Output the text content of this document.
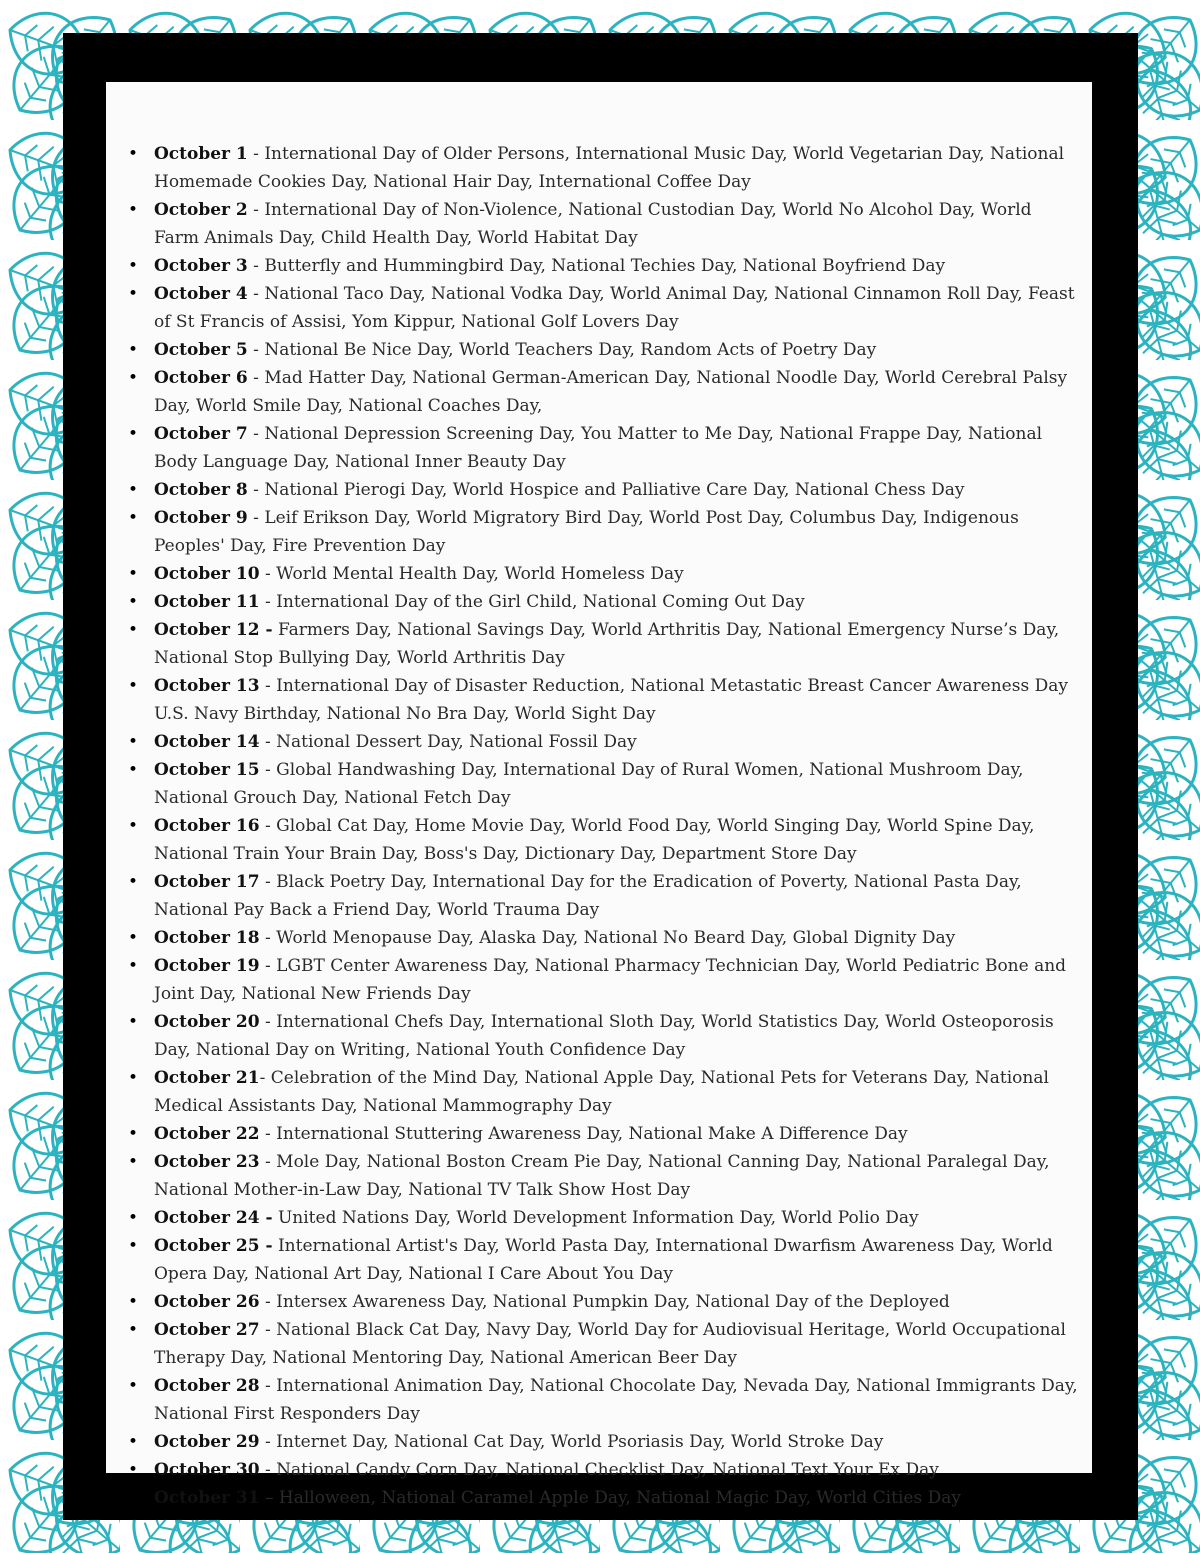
• October 1 - International Day of Older Persons, International Music Day, World Vegetarian Day, National Homemade Cookies Day, National Hair Day, International Coffee Day
• October 2 - International Day of Non-Violence, National Custodian Day, World No Alcohol Day, World Farm Animals Day, Child Health Day, World Habitat Day
• October 3 - Butterfly and Hummingbird Day, National Techies Day, National Boyfriend Day
• October 4 - National Taco Day, National Vodka Day, World Animal Day, National Cinnamon Roll Day, Feast of St Francis of Assisi, Yom Kippur, National Golf Lovers Day
• October 5 - National Be Nice Day, World Teachers Day, Random Acts of Poetry Day
• October 6 - Mad Hatter Day, National German-American Day, National Noodle Day, World Cerebral Palsy Day, World Smile Day, National Coaches Day,
• October 7 - National Depression Screening Day, You Matter to Me Day, National Frappe Day, National Body Language Day, National Inner Beauty Day
• October 8 - National Pierogi Day, World Hospice and Palliative Care Day, National Chess Day
• October 9 - Leif Erikson Day, World Migratory Bird Day, World Post Day, Columbus Day, Indigenous Peoples' Day, Fire Prevention Day
• October 10 - World Mental Health Day, World Homeless Day
• October 11 - International Day of the Girl Child, National Coming Out Day
• October 12 - Farmers Day, National Savings Day, World Arthritis Day, National Emergency Nurse’s Day, National Stop Bullying Day, World Arthritis Day
• October 13 - International Day of Disaster Reduction, National Metastatic Breast Cancer Awareness Day U.S. Navy Birthday, National No Bra Day, World Sight Day
• October 14 - National Dessert Day, National Fossil Day
• October 15 - Global Handwashing Day, International Day of Rural Women, National Mushroom Day, National Grouch Day, National Fetch Day
• October 16 - Global Cat Day, Home Movie Day, World Food Day, World Singing Day, World Spine Day, National Train Your Brain Day, Boss's Day, Dictionary Day, Department Store Day
• October 17 - Black Poetry Day, International Day for the Eradication of Poverty, National Pasta Day, National Pay Back a Friend Day, World Trauma Day
• October 18 - World Menopause Day, Alaska Day, National No Beard Day, Global Dignity Day
• October 19 - LGBT Center Awareness Day, National Pharmacy Technician Day, World Pediatric Bone and Joint Day, National New Friends Day
• October 20 - International Chefs Day, International Sloth Day, World Statistics Day, World Osteoporosis Day, National Day on Writing, National Youth Confidence Day
• October 21- Celebration of the Mind Day, National Apple Day, National Pets for Veterans Day, National Medical Assistants Day, National Mammography Day
• October 22 - International Stuttering Awareness Day, National Make A Difference Day
• October 23 - Mole Day, National Boston Cream Pie Day, National Canning Day, National Paralegal Day, National Mother-in-Law Day, National TV Talk Show Host Day
• October 24 - United Nations Day, World Development Information Day, World Polio Day
• October 25 - International Artist's Day, World Pasta Day, International Dwarfism Awareness Day, World Opera Day, National Art Day, National I Care About You Day
• October 26 - Intersex Awareness Day, National Pumpkin Day, National Day of the Deployed
• October 27 - National Black Cat Day, Navy Day, World Day for Audiovisual Heritage, World Occupational Therapy Day, National Mentoring Day, National American Beer Day
• October 28 - International Animation Day, National Chocolate Day, Nevada Day, National Immigrants Day, National First Responders Day
• October 29 - Internet Day, National Cat Day, World Psoriasis Day, World Stroke Day
• October 30 - National Candy Corn Day, National Checklist Day, National Text Your Ex Day
• October 31 – Halloween, National Caramel Apple Day, National Magic Day, World Cities Day
